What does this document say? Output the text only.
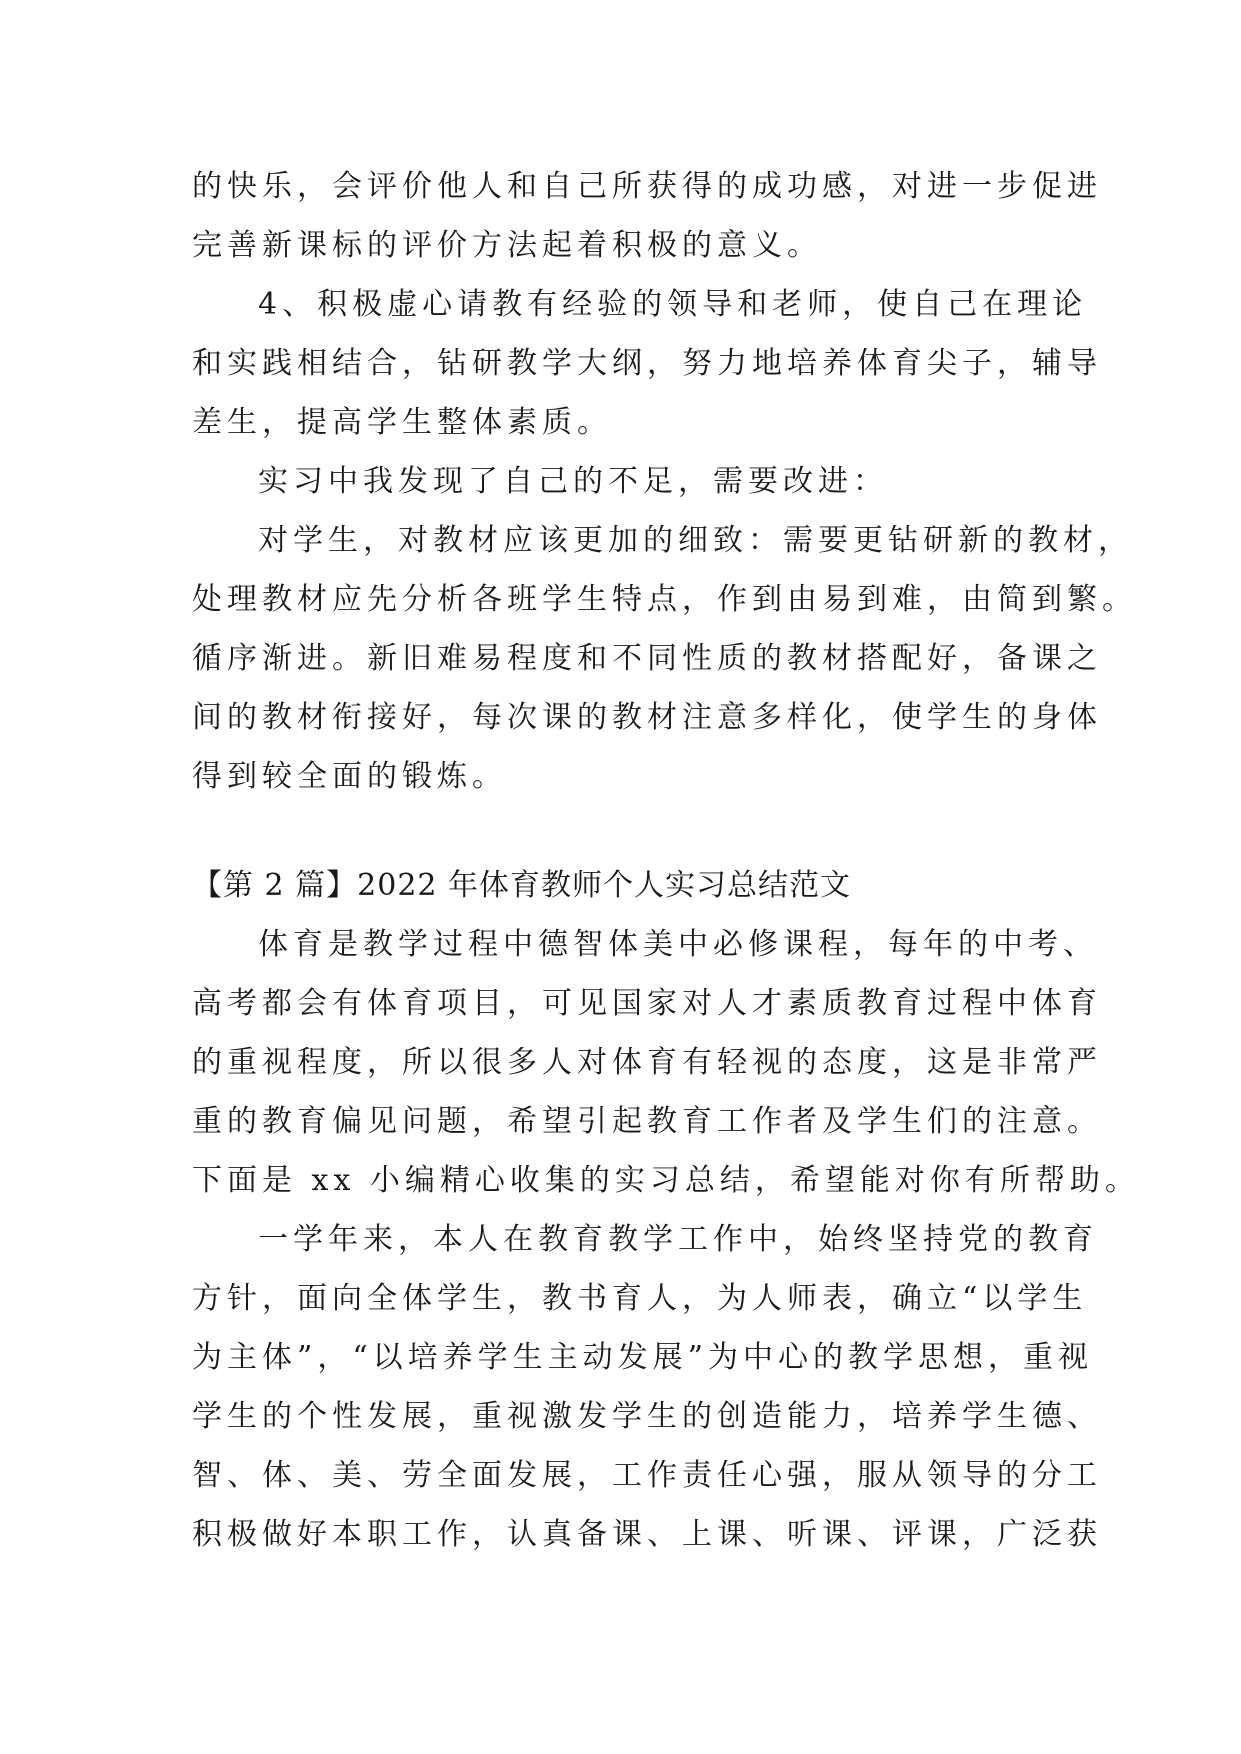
的快乐，会评价他人和自己所获得的成功感，对进一步促进

完善新课标的评价方法起着积极的意义。

4、积极虚心请教有经验的领导和老师，使自己在理论

和实践相结合，钻研教学大纲，努力地培养体育尖子，辅导

差生，提高学生整体素质。

实习中我发现了自己的不足，需要改进：

对学生，对教材应该更加的细致：需要更钻研新的教材，

处理教材应先分析各班学生特点，作到由易到难，由简到繁。

循序渐进。新旧难易程度和不同性质的教材搭配好，备课之

间的教材衔接好，每次课的教材注意多样化，使学生的身体

得到较全面的锻炼。

【第 2 篇】2022 年体育教师个人实习总结范文

体育是教学过程中德智体美中必修课程，每年的中考、

高考都会有体育项目，可见国家对人才素质教育过程中体育

的重视程度，所以很多人对体育有轻视的态度，这是非常严

重的教育偏见问题，希望引起教育工作者及学生们的注意。

下面是 xx 小编精心收集的实习总结，希望能对你有所帮助。

一学年来，本人在教育教学工作中，始终坚持党的教育

方针，面向全体学生，教书育人，为人师表，确立“以学生

为主体”，“以培养学生主动发展”为中心的教学思想，重视

学生的个性发展，重视激发学生的创造能力，培养学生德、

智、体、美、劳全面发展，工作责任心强，服从领导的分工

积极做好本职工作，认真备课、上课、听课、评课，广泛获
